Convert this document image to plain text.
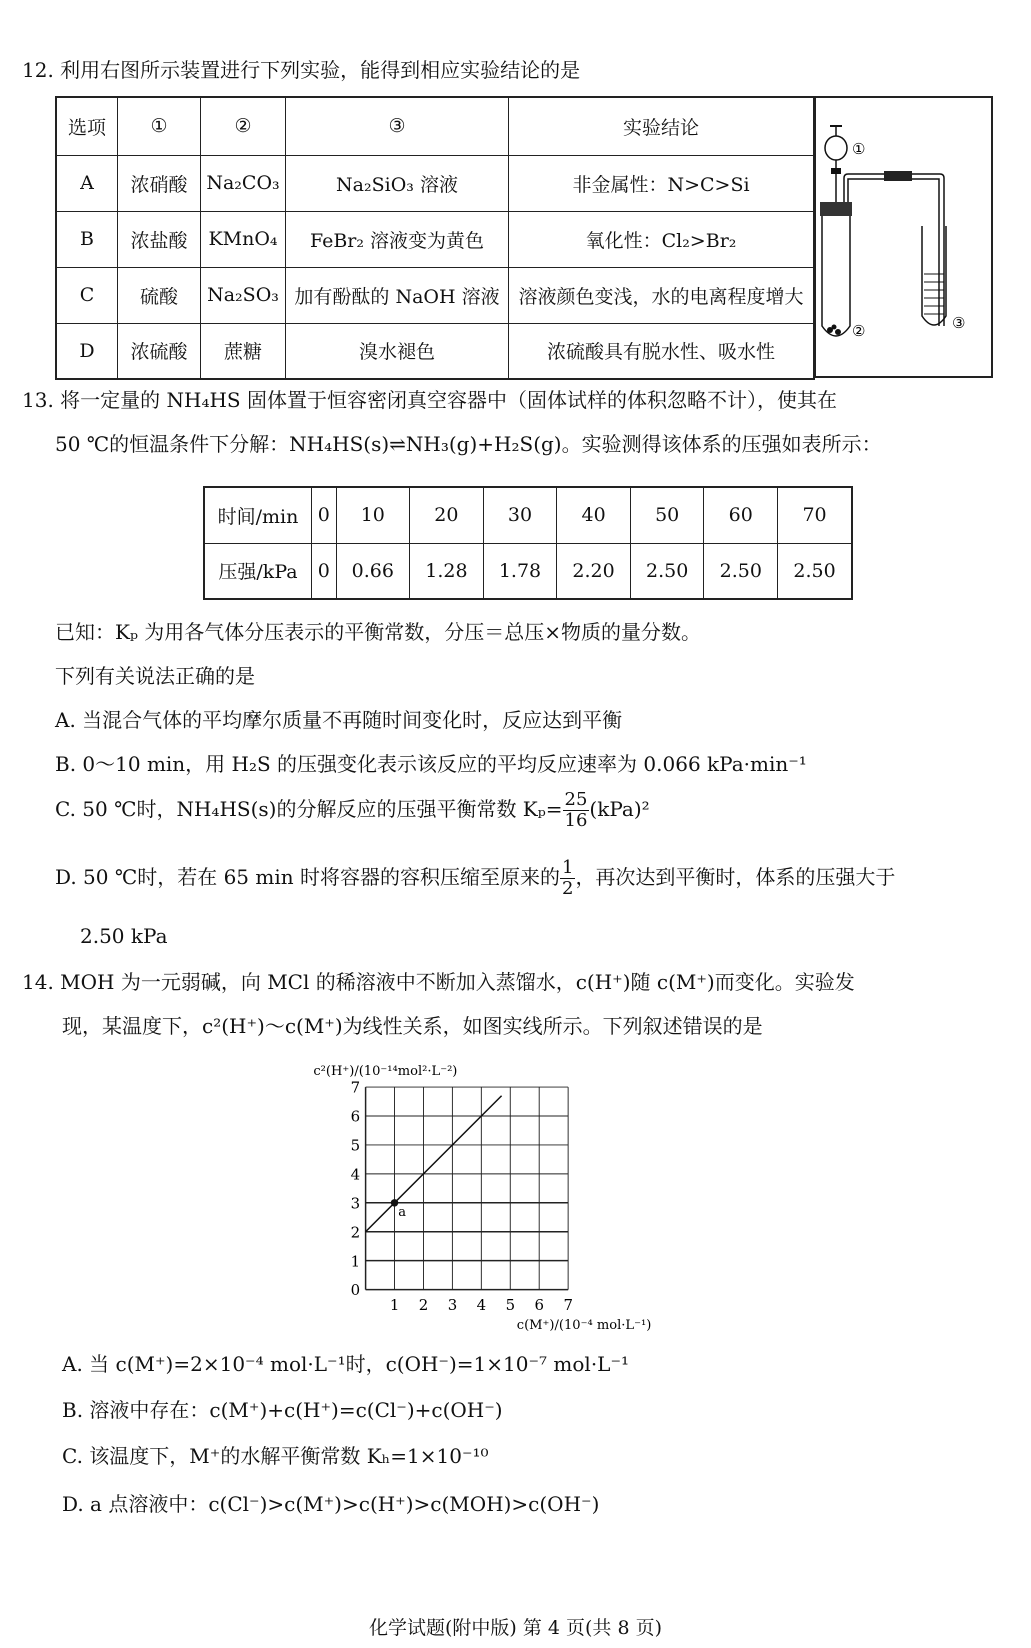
12. 利用右图所示装置进行下列实验，能得到相应实验结论的是
选项	①	②	③	实验结论
A	浓硝酸	Na₂CO₃	Na₂SiO₃ 溶液	非金属性：N>C>Si
B	浓盐酸	KMnO₄	FeBr₂ 溶液变为黄色	氧化性：Cl₂>Br₂
C	硫酸	Na₂SO₃	加有酚酞的 NaOH 溶液	溶液颜色变浅，水的电离程度增大
D	浓硫酸	蔗糖	溴水褪色	浓硫酸具有脱水性、吸水性
①
②	③
13. 将一定量的 NH₄HS 固体置于恒容密闭真空容器中（固体试样的体积忽略不计），使其在
50 ℃的恒温条件下分解：NH₄HS(s)⇌NH₃(g)+H₂S(g)。实验测得该体系的压强如表所示：
时间/min	0	10	20	30	40	50	60	70
压强/kPa	0	0.66	1.28	1.78	2.20	2.50	2.50	2.50
已知：Kₚ 为用各气体分压表示的平衡常数，分压＝总压×物质的量分数。
下列有关说法正确的是
A. 当混合气体的平均摩尔质量不再随时间变化时，反应达到平衡
B. 0～10 min，用 H₂S 的压强变化表示该反应的平均反应速率为 0.066 kPa·min⁻¹
C. 50 ℃时，NH₄HS(s)的分解反应的压强平衡常数 $K_p= \frac{25}{16} (kPa)^2$
D. 50 ℃时，若在 65 min 时将容器的容积压缩至原来的 $\frac{1}{2}$ ，再次达到平衡时，体系的压强大于
2.50 kPa
14. MOH 为一元弱碱，向 MCl 的稀溶液中不断加入蒸馏水，c(H⁺)随 c(M⁺)而变化。实验发
现，某温度下，c²(H⁺)～c(M⁺)为线性关系，如图实线所示。下列叙述错误的是
0
1
2
3
4
5
6
7
1 2 3 4 5 6 7
c²(H⁺)/(10⁻¹⁴mol²·L⁻²)
c(M⁺)/(10⁻⁴ mol·L⁻¹)
a
A. 当 c(M⁺)=2×10⁻⁴ mol·L⁻¹时，c(OH⁻)=1×10⁻⁷ mol·L⁻¹
B. 溶液中存在：c(M⁺)+c(H⁺)=c(Cl⁻)+c(OH⁻)
C. 该温度下，M⁺的水解平衡常数 Kₕ=1×10⁻¹⁰
D. a 点溶液中：c(Cl⁻)>c(M⁺)>c(H⁺)>c(MOH)>c(OH⁻)
化学试题(附中版) 第 4 页(共 8 页)
